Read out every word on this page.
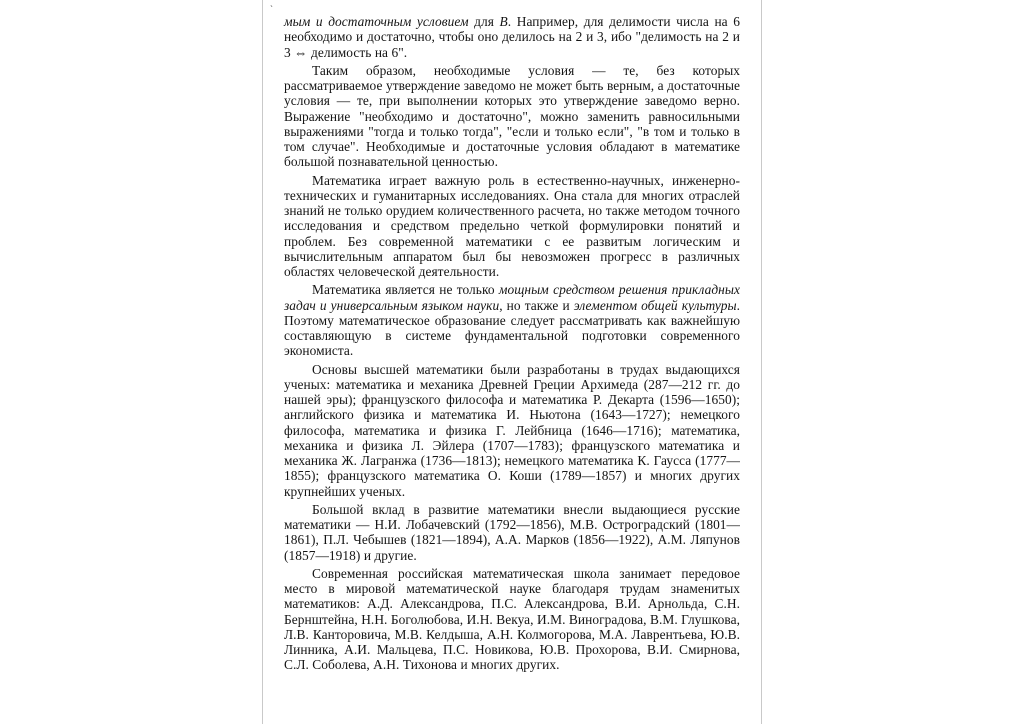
`

мым и достаточным условием для В. Например, для делимости числа на 6 необходимо и достаточно, чтобы оно делилось на 2 и 3, ибо "делимость на 2 и 3 ⇔ делимость на 6".

Таким образом, необходимые условия — те, без которых рассматриваемое утверждение заведомо не может быть верным, а достаточные условия — те, при выполнении которых это утверждение заведомо верно. Выражение "необходимо и достаточно", можно заменить равносильными выражениями "тогда и только тогда", "если и только если", "в том и только в том случае". Необходимые и достаточные условия обладают в математике большой познавательной ценностью.

Математика играет важную роль в естественно-научных, инженерно-технических и гуманитарных исследованиях. Она стала для многих отраслей знаний не только орудием количественного расчета, но также методом точного исследования и средством предельно четкой формулировки понятий и проблем. Без современной математики с ее развитым логическим и вычислительным аппаратом был бы невозможен прогресс в различных областях человеческой деятельности.

Математика является не только мощным средством решения прикладных задач и универсальным языком науки, но также и элементом общей культуры. Поэтому математическое образование следует рассматривать как важнейшую составляющую в системе фундаментальной подготовки современного экономиста.

Основы высшей математики были разработаны в трудах выдающихся ученых: математика и механика Древней Греции Архимеда (287—212 гг. до нашей эры); французского философа и математика Р. Декарта (1596—1650); английского физика и математика И. Ньютона (1643—1727); немецкого философа, математика и физика Г. Лейбница (1646—1716); математика, механика и физика Л. Эйлера (1707—1783); французского математика и механика Ж. Лагранжа (1736—1813); немецкого математика К. Гаусса (1777—1855); французского математика О. Коши (1789—1857) и многих других крупнейших ученых.

Большой вклад в развитие математики внесли выдающиеся русские математики — Н.И. Лобачевский (1792—1856), М.В. Остроградский (1801—1861), П.Л. Чебышев (1821—1894), А.А. Марков (1856—1922), А.М. Ляпунов (1857—1918) и другие.

Современная российская математическая школа занимает передовое место в мировой математической науке благодаря трудам знаменитых математиков: А.Д. Александрова, П.С. Александрова, В.И. Арнольда, С.Н. Бернштейна, Н.Н. Боголюбова, И.Н. Векуа, И.М. Виноградова, В.М. Глушкова, Л.В. Канторовича, М.В. Келдыша, А.Н. Колмогорова, М.А. Лаврентьева, Ю.В. Линника, А.И. Мальцева, П.С. Новикова, Ю.В. Прохорова, В.И. Смирнова, С.Л. Соболева, А.Н. Тихонова и многих других.
